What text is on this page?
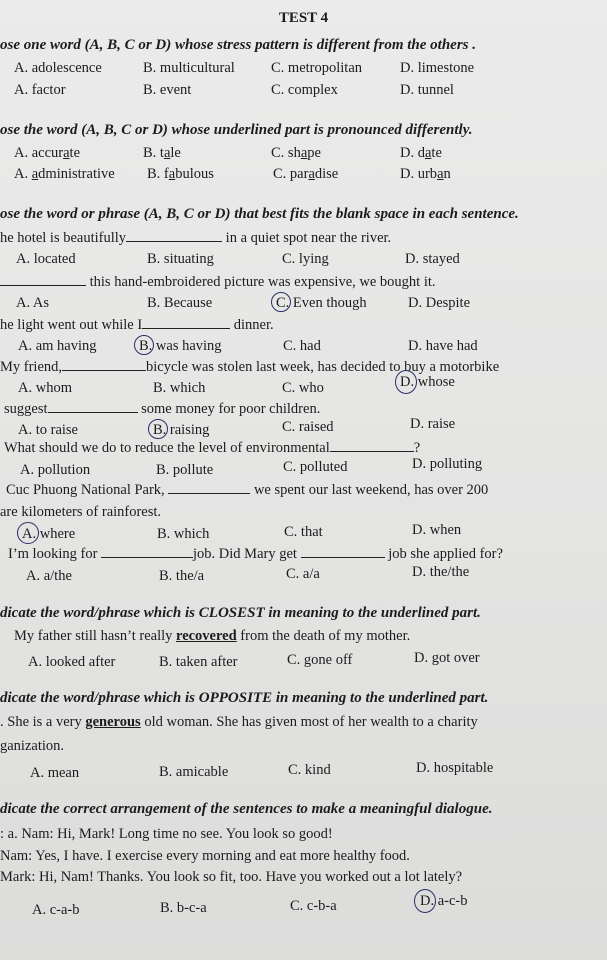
TEST 4
ose one word (A, B, C or D) whose stress pattern is different from the others .
A. adolescence	B. multicultural C. metropolitan	D. limestone
A. factor	B. event	C. complex	D. tunnel
ose the word (A, B, C or D) whose underlined part is pronounced differently.
A. accurate	B. tale	C. shape	D. date
A. administrative B. fabulous	C. paradise	D. urban
ose the word or phrase (A, B, C or D) that best fits the blank space in each sentence.
he hotel is beautifully	in a quiet spot near the river.
A. located	B. situating	C. lying	D. stayed
this hand-embroidered picture was expensive, we bought it.
A. As	B. Because	C. Even though	D. Despite
he light went out while I	dinner.
A. am having	B. was having	C. had	D. have had
My friend,	bicycle was stolen last week, has decided to buy a motorbike
A. whom	B. which	C. who	D. whose
suggest	some money for poor children.
A. to raise	B. raising	C. raised	D. raise
What should we do to reduce the level of environmental	?
A. pollution	B. pollute	C. polluted	D. polluting
Cuc Phuong National Park,	we spent our last weekend, has over 200
are kilometers of rainforest.
A. where	B. which	C. that	D. when
I’m looking for	job. Did Mary get	job she applied for?
A. a/the	B. the/a	C. a/a	D. the/the
dicate the word/phrase which is CLOSEST in meaning to the underlined part.
My father still hasn’t really recovered from the death of my mother.
A. looked after	B. taken after	C. gone off	D. got over
dicate the word/phrase which is OPPOSITE in meaning to the underlined part.
. She is a very generous old woman. She has given most of her wealth to a charity
ganization.
A. mean	B. amicable	C. kind	D. hospitable
dicate the correct arrangement of the sentences to make a meaningful dialogue.
: a. Nam: Hi, Mark! Long time no see. You look so good!
Nam: Yes, I have. I exercise every morning and eat more healthy food.
Mark: Hi, Nam! Thanks. You look so fit, too. Have you worked out a lot lately?
A. c-a-b	B. b-c-a	C. c-b-a	D. a-c-b
